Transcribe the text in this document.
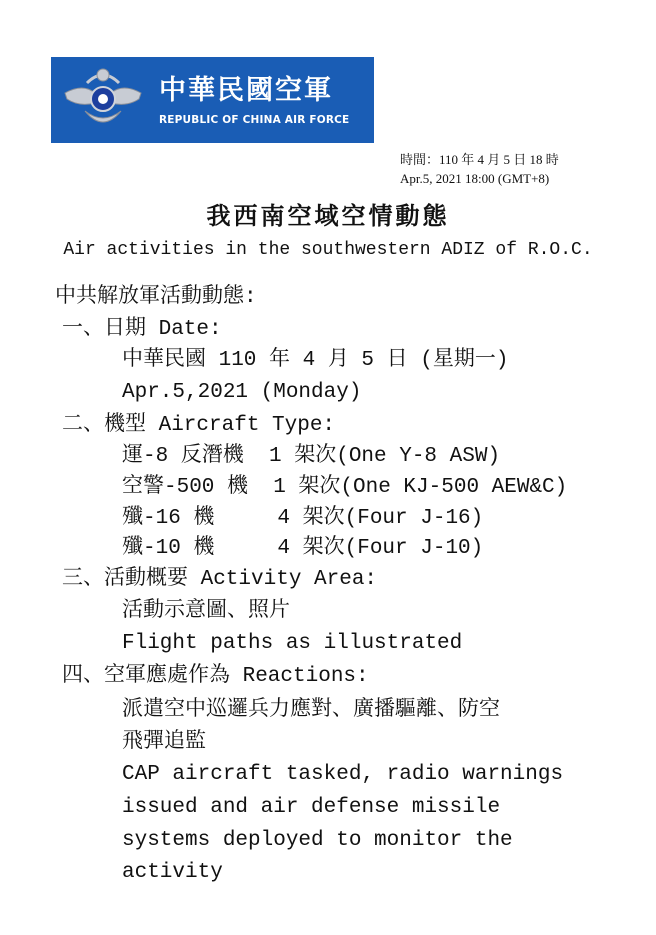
中華民國空軍
REPUBLIC OF CHINA AIR FORCE
時間：110 年 4 月 5 日 18 時
Apr.5, 2021 18:00 (GMT+8)
我西南空域空情動態
Air activities in the southwestern ADIZ of R.O.C.
中共解放軍活動動態:
一、日期 Date:
中華民國 110 年 4 月 5 日 (星期一)
Apr.5,2021 (Monday)
二、機型 Aircraft Type:
運-8 反潛機  1 架次(One Y-8 ASW)
空警-500 機  1 架次(One KJ-500 AEW&C)
殲-16 機     4 架次(Four J-16)
殲-10 機     4 架次(Four J-10)
三、活動概要 Activity Area:
活動示意圖、照片
Flight paths as illustrated
四、空軍應處作為 Reactions:
派遣空中巡邏兵力應對、廣播驅離、防空
飛彈追監
CAP aircraft tasked, radio warnings
issued and air defense missile
systems deployed to monitor the
activity
